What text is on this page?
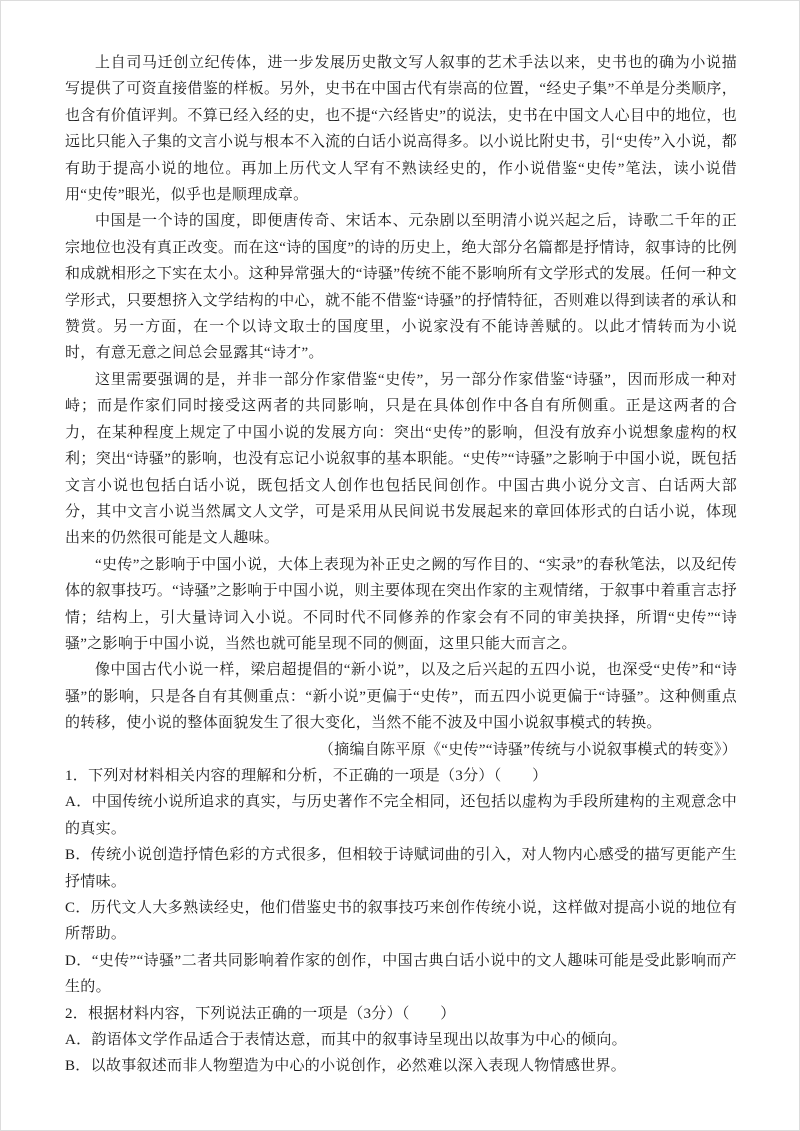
上自司马迁创立纪传体，进一步发展历史散文写人叙事的艺术手法以来，史书也的确为小说描写提供了可资直接借鉴的样板。另外，史书在中国古代有崇高的位置，“经史子集”不单是分类顺序，也含有价值评判。不算已经入经的史，也不提“六经皆史”的说法，史书在中国文人心目中的地位，也远比只能入子集的文言小说与根本不入流的白话小说高得多。以小说比附史书，引“史传”入小说，都有助于提高小说的地位。再加上历代文人罕有不熟读经史的，作小说借鉴“史传”笔法，读小说借用“史传”眼光，似乎也是顺理成章。

中国是一个诗的国度，即便唐传奇、宋话本、元杂剧以至明清小说兴起之后，诗歌二千年的正宗地位也没有真正改变。而在这“诗的国度”的诗的历史上，绝大部分名篇都是抒情诗，叙事诗的比例和成就相形之下实在太小。这种异常强大的“诗骚”传统不能不影响所有文学形式的发展。任何一种文学形式，只要想挤入文学结构的中心，就不能不借鉴“诗骚”的抒情特征，否则难以得到读者的承认和赞赏。另一方面，在一个以诗文取士的国度里，小说家没有不能诗善赋的。以此才情转而为小说时，有意无意之间总会显露其“诗才”。

这里需要强调的是，并非一部分作家借鉴“史传”，另一部分作家借鉴“诗骚”，因而形成一种对峙；而是作家们同时接受这两者的共同影响，只是在具体创作中各自有所侧重。正是这两者的合力，在某种程度上规定了中国小说的发展方向：突出“史传”的影响，但没有放弃小说想象虚构的权利；突出“诗骚”的影响，也没有忘记小说叙事的基本职能。“史传”“诗骚”之影响于中国小说，既包括文言小说也包括白话小说，既包括文人创作也包括民间创作。中国古典小说分文言、白话两大部分，其中文言小说当然属文人文学，可是采用从民间说书发展起来的章回体形式的白话小说，体现出来的仍然很可能是文人趣味。

“史传”之影响于中国小说，大体上表现为补正史之阙的写作目的、“实录”的春秋笔法，以及纪传体的叙事技巧。“诗骚”之影响于中国小说，则主要体现在突出作家的主观情绪，于叙事中着重言志抒情；结构上，引大量诗词入小说。不同时代不同修养的作家会有不同的审美抉择，所谓“史传”“诗骚”之影响于中国小说，当然也就可能呈现不同的侧面，这里只能大而言之。

像中国古代小说一样，梁启超提倡的“新小说”，以及之后兴起的五四小说，也深受“史传”和“诗骚”的影响，只是各自有其侧重点：“新小说”更偏于“史传”，而五四小说更偏于“诗骚”。这种侧重点的转移，使小说的整体面貌发生了很大变化，当然不能不波及中国小说叙事模式的转换。

（摘编自陈平原《“史传”“诗骚”传统与小说叙事模式的转变》）

1．下列对材料相关内容的理解和分析，不正确的一项是（3分）（　　）

A．中国传统小说所追求的真实，与历史著作不完全相同，还包括以虚构为手段所建构的主观意念中的真实。

B．传统小说创造抒情色彩的方式很多，但相较于诗赋词曲的引入，对人物内心感受的描写更能产生抒情味。

C．历代文人大多熟读经史，他们借鉴史书的叙事技巧来创作传统小说，这样做对提高小说的地位有所帮助。

D．“史传”“诗骚”二者共同影响着作家的创作，中国古典白话小说中的文人趣味可能是受此影响而产生的。

2．根据材料内容，下列说法正确的一项是（3分）（　　）

A．韵语体文学作品适合于表情达意，而其中的叙事诗呈现出以故事为中心的倾向。

B．以故事叙述而非人物塑造为中心的小说创作，必然难以深入表现人物情感世界。
